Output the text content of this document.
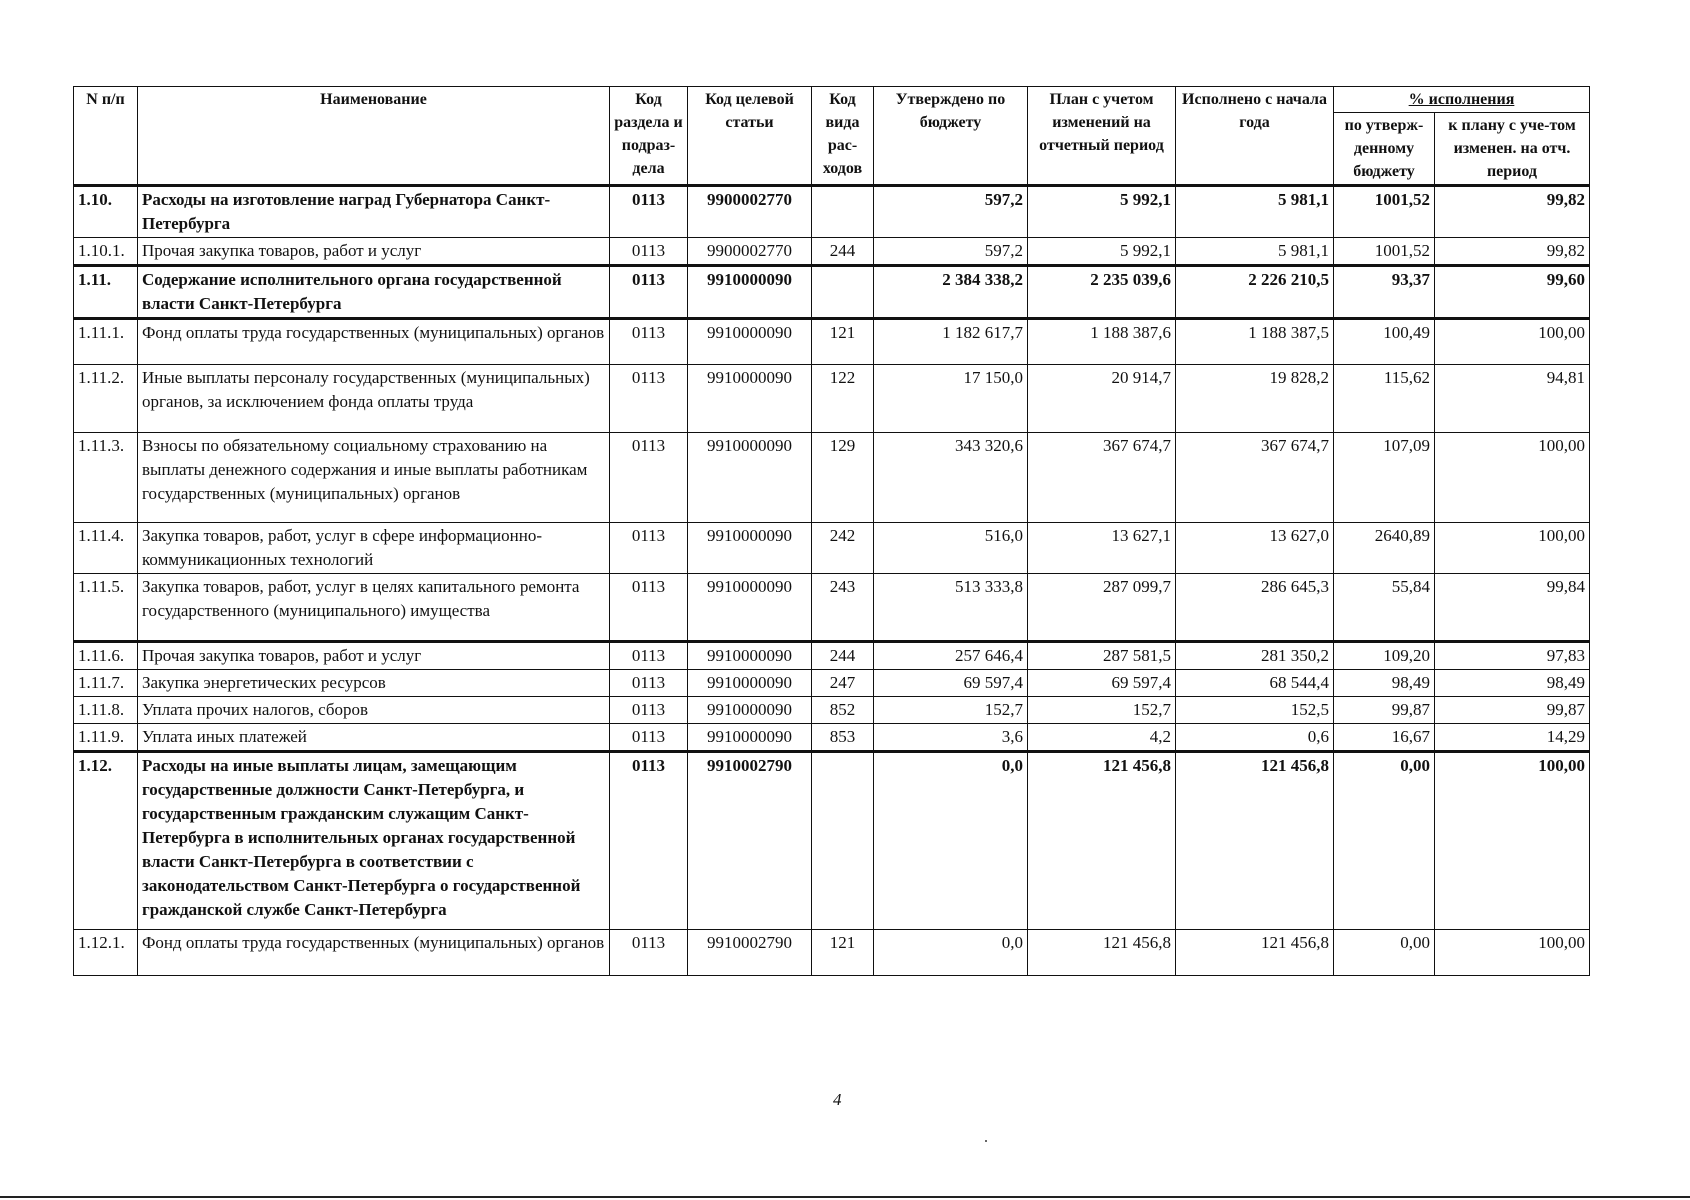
N п/п	Наименование	Код раздела и подраз-дела	Код целевой статьи	Код вида рас-ходов	Утверждено по бюджету	План с учетом изменений на отчетный период	Исполнено с начала года	% исполнения	
								по утверж-денному бюджету	к плану с уче-том изменен. на отч. период
1.10.	Расходы на изготовление наград Губернатора Санкт-Петербурга	0113	9900002770		597,2	5 992,1	5 981,1	1001,52	99,82
1.10.1.	Прочая закупка товаров, работ и услуг	0113	9900002770	244	597,2	5 992,1	5 981,1	1001,52	99,82
1.11.	Содержание исполнительного органа государственной власти Санкт-Петербурга	0113	9910000090		2 384 338,2	2 235 039,6	2 226 210,5	93,37	99,60
1.11.1.	Фонд оплаты труда государственных (муниципальных) органов	0113	9910000090	121	1 182 617,7	1 188 387,6	1 188 387,5	100,49	100,00
1.11.2.	Иные выплаты персоналу государственных (муниципальных) органов, за исключением фонда оплаты труда	0113	9910000090	122	17 150,0	20 914,7	19 828,2	115,62	94,81
1.11.3.	Взносы по обязательному социальному страхованию на выплаты денежного содержания и иные выплаты работникам государственных (муниципальных) органов	0113	9910000090	129	343 320,6	367 674,7	367 674,7	107,09	100,00
1.11.4.	Закупка товаров, работ, услуг в сфере информационно-коммуникационных технологий	0113	9910000090	242	516,0	13 627,1	13 627,0	2640,89	100,00
1.11.5.	Закупка товаров, работ, услуг в целях капитального ремонта государственного (муниципального) имущества	0113	9910000090	243	513 333,8	287 099,7	286 645,3	55,84	99,84
1.11.6.	Прочая закупка товаров, работ и услуг	0113	9910000090	244	257 646,4	287 581,5	281 350,2	109,20	97,83
1.11.7.	Закупка энергетических ресурсов	0113	9910000090	247	69 597,4	69 597,4	68 544,4	98,49	98,49
1.11.8.	Уплата прочих налогов, сборов	0113	9910000090	852	152,7	152,7	152,5	99,87	99,87
1.11.9.	Уплата иных платежей	0113	9910000090	853	3,6	4,2	0,6	16,67	14,29
1.12.	Расходы на иные выплаты лицам, замещающим государственные должности Санкт-Петербурга, и государственным гражданским служащим Санкт-Петербурга в исполнительных органах государственной власти Санкт-Петербурга в соответствии с законодательством Санкт-Петербурга о государственной гражданской службе Санкт-Петербурга	0113	9910002790		0,0	121 456,8	121 456,8	0,00	100,00
1.12.1.	Фонд оплаты труда государственных (муниципальных) органов	0113	9910002790	121	0,0	121 456,8	121 456,8	0,00	100,00
4
